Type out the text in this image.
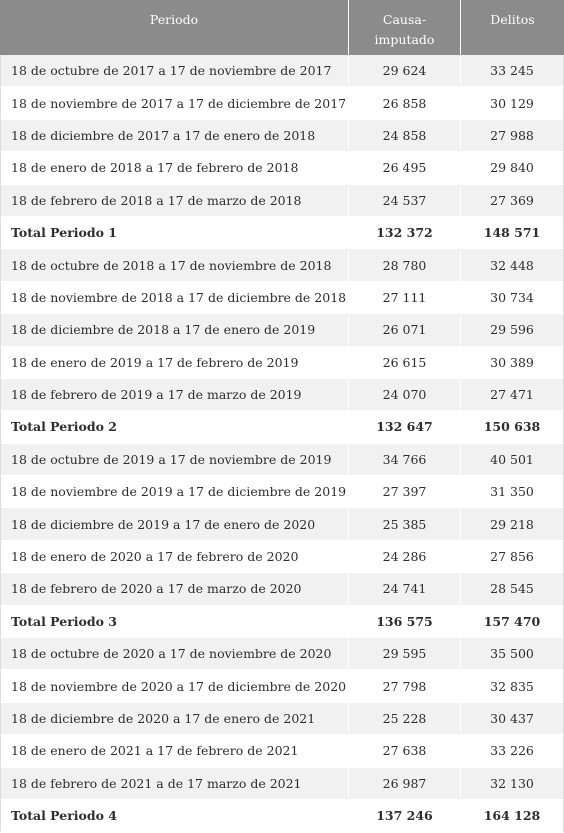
Periodo	Causa-imputado	Delitos
18 de octubre de 2017 a 17 de noviembre de 2017	29 624	33 245
18 de noviembre de 2017 a 17 de diciembre de 2017	26 858	30 129
18 de diciembre de 2017 a 17 de enero de 2018	24 858	27 988
18 de enero de 2018 a 17 de febrero de 2018	26 495	29 840
18 de febrero de 2018 a 17 de marzo de 2018	24 537	27 369
Total Periodo 1	132 372	148 571
18 de octubre de 2018 a 17 de noviembre de 2018	28 780	32 448
18 de noviembre de 2018 a 17 de diciembre de 2018	27 111	30 734
18 de diciembre de 2018 a 17 de enero de 2019	26 071	29 596
18 de enero de 2019 a 17 de febrero de 2019	26 615	30 389
18 de febrero de 2019 a 17 de marzo de 2019	24 070	27 471
Total Periodo 2	132 647	150 638
18 de octubre de 2019 a 17 de noviembre de 2019	34 766	40 501
18 de noviembre de 2019 a 17 de diciembre de 2019	27 397	31 350
18 de diciembre de 2019 a 17 de enero de 2020	25 385	29 218
18 de enero de 2020 a 17 de febrero de 2020	24 286	27 856
18 de febrero de 2020 a 17 de marzo de 2020	24 741	28 545
Total Periodo 3	136 575	157 470
18 de octubre de 2020 a 17 de noviembre de 2020	29 595	35 500
18 de noviembre de 2020 a 17 de diciembre de 2020	27 798	32 835
18 de diciembre de 2020 a 17 de enero de 2021	25 228	30 437
18 de enero de 2021 a 17 de febrero de 2021	27 638	33 226
18 de febrero de 2021 a de 17 marzo de 2021	26 987	32 130
Total Periodo 4	137 246	164 128
